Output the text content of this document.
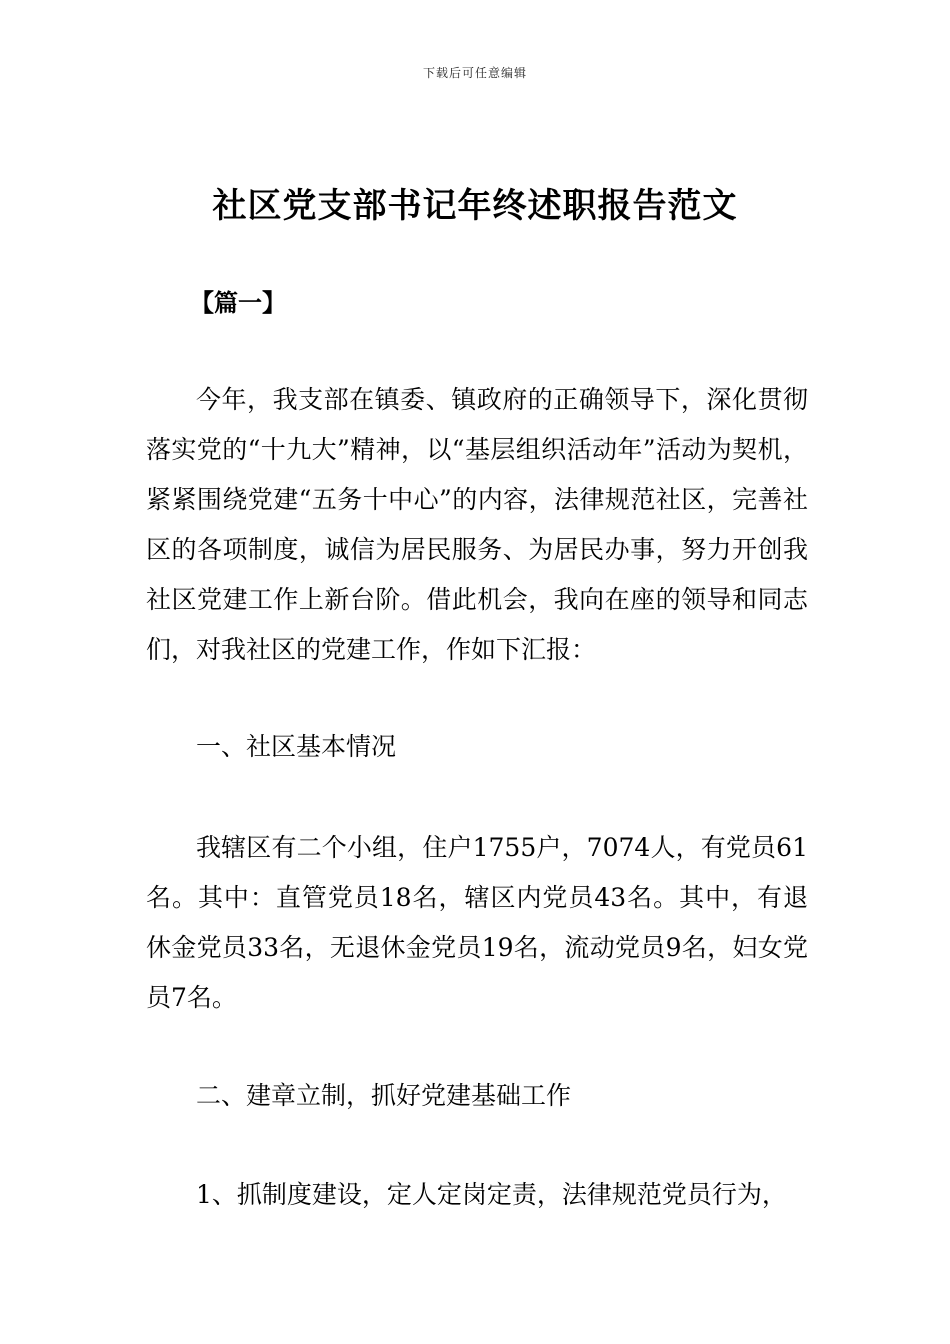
下载后可任意编辑
社区党支部书记年终述职报告范文
【篇一】

今年，我支部在镇委、镇政府的正确领导下，深化贯彻落实党的“十九大”精神，以“基层组织活动年”活动为契机，紧紧围绕党建“五务十中心”的内容，法律规范社区，完善社区的各项制度，诚信为居民服务、为居民办事，努力开创我社区党建工作上新台阶。借此机会，我向在座的领导和同志们，对我社区的党建工作，作如下汇报：

一、社区基本情况

我辖区有二个小组，住户1755户，7074人，有党员61名。其中：直管党员18名，辖区内党员43名。其中，有退休金党员33名，无退休金党员19名，流动党员9名，妇女党员7名。

二、建章立制，抓好党建基础工作

1、抓制度建设，定人定岗定责，法律规范党员行为，
